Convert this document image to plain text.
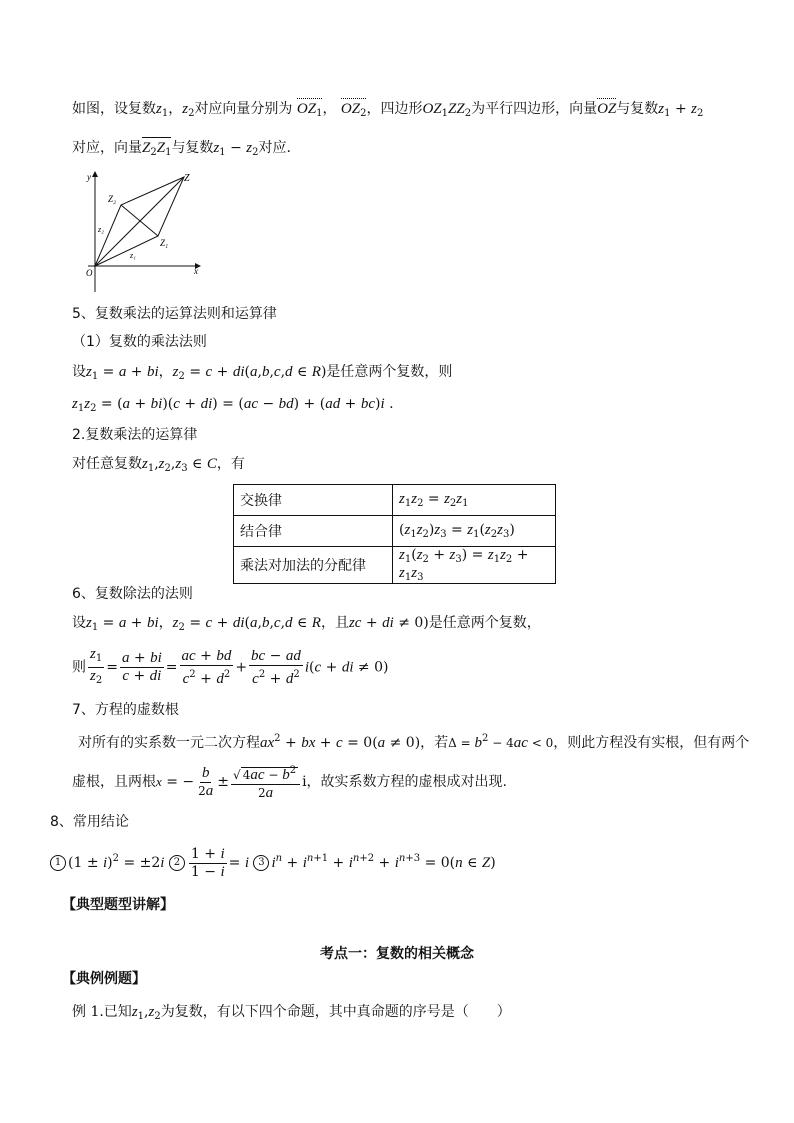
如图，设复数$z_1$，$z_2$对应向量分别为 $OZ_1$， $OZ_2$，四边形$OZ_1ZZ_2$为平行四边形，向量OZ与复数$z_1 + z_2$
对应，向量$Z_2Z_1$与复数$z_1 - z_2$对应.
y
x
O
Z
Z₁
Z₂
z₁
z₂
5、复数乘法的运算法则和运算律
（1）复数的乘法法则
设$z_1 = a$ + bi，$z_2 = c + di(a,b,c,d$ ∈ R)是任意两个复数，则
$z_1z_2 = (a + bi)(c + di) = (ac - bd) + (ad + bc)i$ .
2.复数乘法的运算律
对任意复数$z_1,z_2,z_3$ ∈ C，有
交换律	$z_1z_2 = z_2z_1$
结合律	$(z_1z_2)z_3 = z_1(z_2z_3)$
乘法对加法的分配律	$z_1(z_2 + z_3) = z_1z_2 + z_1z_3$
6、复数除法的法则
设$z_1 = a$ + bi，$z_2 = c + di(a,b,c,d$ ∈ R，且zc + di ≠ 0)是任意两个复数，
则 $\frac{z_1}{z_2} = \frac{a + bi}{c + di} = \frac{ac + bd}{c^2 + d^2} + \frac{bc - ad}{c^2 + d^2} i(c$ + di ≠ 0)
7、方程的虚数根
对所有的实系数一元二次方程$ax^2$ + bx + c = 0(a ≠ 0)，若$\Delta = b^2 - 4ac < 0$，则此方程没有实根，但有两个
虚根，且两根x = − $\frac{b}{2a} \pm \frac{√ 4ac - b^2}{2a}$ i，故实系数方程的虚根成对出现.
8、常用结论
1 $(1 \pm i)^2 = \pm 2i$ $2 \frac{1 + i}{1 - i} = i$ 3 $i^n + i^{n+1} + i^{n+2} + i^{n+3} = 0(n$ ∈ Z)
【典型题型讲解】
考点一：复数的相关概念
【典例例题】
例 1.已知$z_1,z_2$为复数，有以下四个命题，其中真命题的序号是（　　）
